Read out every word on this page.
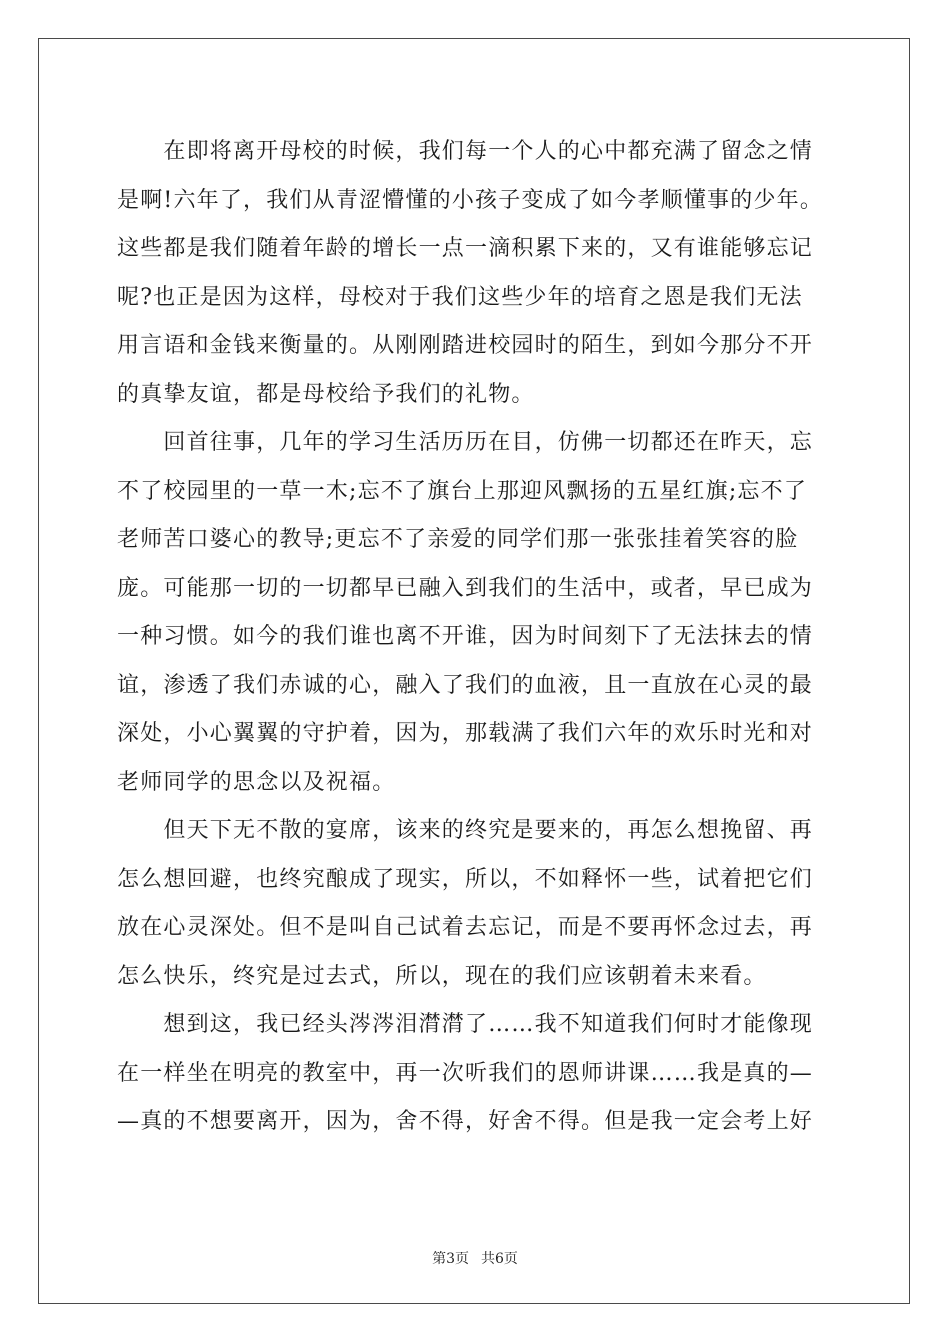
　　在即将离开母校的时候，我们每一个人的心中都充满了留念之情
是啊!六年了，我们从青涩懵懂的小孩子变成了如今孝顺懂事的少年。
这些都是我们随着年龄的增长一点一滴积累下来的，又有谁能够忘记
呢?也正是因为这样，母校对于我们这些少年的培育之恩是我们无法
用言语和金钱来衡量的。从刚刚踏进校园时的陌生，到如今那分不开
的真挚友谊，都是母校给予我们的礼物。
　　回首往事，几年的学习生活历历在目，仿佛一切都还在昨天，忘
不了校园里的一草一木;忘不了旗台上那迎风飘扬的五星红旗;忘不了
老师苦口婆心的教导;更忘不了亲爱的同学们那一张张挂着笑容的脸
庞。可能那一切的一切都早已融入到我们的生活中，或者，早已成为
一种习惯。如今的我们谁也离不开谁，因为时间刻下了无法抹去的情
谊，渗透了我们赤诚的心，融入了我们的血液，且一直放在心灵的最
深处，小心翼翼的守护着，因为，那载满了我们六年的欢乐时光和对
老师同学的思念以及祝福。
　　但天下无不散的宴席，该来的终究是要来的，再怎么想挽留、再
怎么想回避，也终究酿成了现实，所以，不如释怀一些，试着把它们
放在心灵深处。但不是叫自己试着去忘记，而是不要再怀念过去，再
怎么快乐，终究是过去式，所以，现在的我们应该朝着未来看。
　　想到这，我已经头涔涔泪潸潸了……我不知道我们何时才能像现
在一样坐在明亮的教室中，再一次听我们的恩师讲课……我是真的—
—真的不想要离开，因为，舍不得，好舍不得。但是我一定会考上好
第3页 共6页
